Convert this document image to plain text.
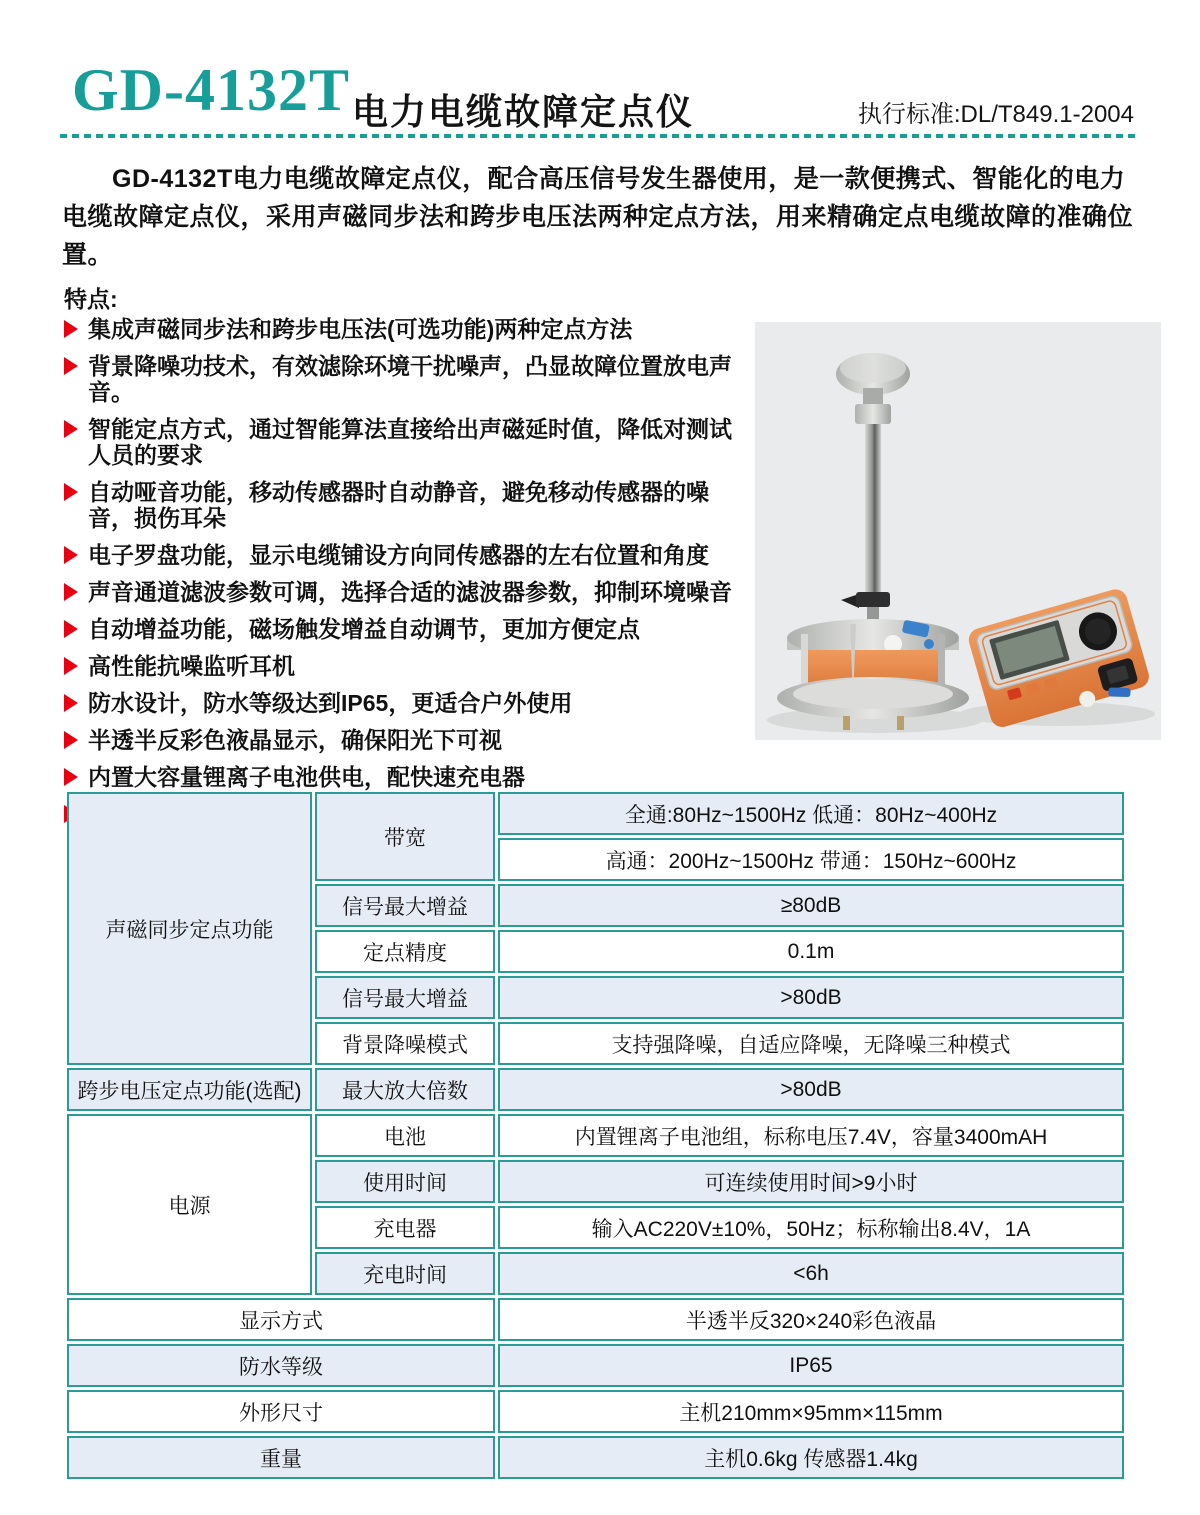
GD-4132T 电力电缆故障定点仪	执行标准:DL/T849.1-2004

GD-4132T电力电缆故障定点仪，配合高压信号发生器使用，是一款便携式、智能化的电力电缆故障定点仪，采用声磁同步法和跨步电压法两种定点方法，用来精确定点电缆故障的准确位置。

特点:
集成声磁同步法和跨步电压法(可选功能)两种定点方法
背景降噪功技术，有效滤除环境干扰噪声，凸显故障位置放电声音。
智能定点方式，通过智能算法直接给出声磁延时值，降低对测试人员的要求
自动哑音功能，移动传感器时自动静音，避免移动传感器的噪音，损伤耳朵
电子罗盘功能，显示电缆铺设方向同传感器的左右位置和角度
声音通道滤波参数可调，选择合适的滤波器参数，抑制环境噪音
自动增益功能，磁场触发增益自动调节，更加方便定点
高性能抗噪监听耳机
防水设计，防水等级达到IP65，更适合户外使用
半透半反彩色液晶显示，确保阳光下可视
内置大容量锂离子电池供电，配快速充电器
声磁同步定点功能	带宽	全通:80Hz~1500Hz 低通：80Hz~400Hz
		高通：200Hz~1500Hz 带通：150Hz~600Hz
	信号最大增益	≥80dB
	定点精度	0.1m
	信号最大增益	>80dB
	背景降噪模式	支持强降噪，自适应降噪，无降噪三种模式
跨步电压定点功能(选配)	最大放大倍数	>80dB
电源	电池	内置锂离子电池组，标称电压7.4V，容量3400mAH
	使用时间	可连续使用时间>9小时
	充电器	输入AC220V±10%，50Hz；标称输出8.4V，1A
	充电时间	<6h
显示方式		半透半反320×240彩色液晶
防水等级		IP65
外形尺寸		主机210mm×95mm×115mm
重量		主机0.6kg 传感器1.4kg
